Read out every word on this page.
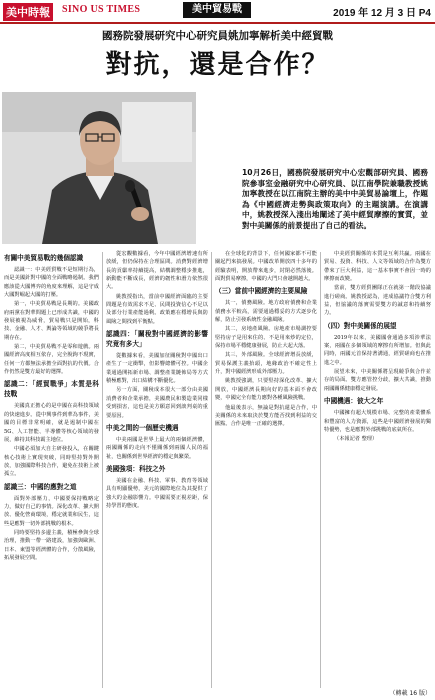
美中時報	SINO US TIMES	美中貿易戰	2019 年 12 月 3 日 P4
國務院發展研究中心研究員姚加寧解析美中經貿戰
對抗，還是合作？
10月26日，國務院發展研究中心宏觀部研究員、國務院參事室金融研究中心研究員、以江南學院兼職教授姚加寧教授在以江南院主辦的美中中美貿易論壇上，作題為《中國經濟走勢與政策取向》的主題演講。在演講中，姚教授深入淺出地闡述了美中經貿摩擦的實質，並對中美關係的前景提出了自己的看法。
有關中美貿易戰的幾個認識

認識一：中美經貿戰不是短期行為，而是美國針對中國的全面戰略遏制。我們應該從大國博弈的角度來理解，這是守成大國對崛起大國的打壓。

第一，中美貿易戰是長期的。美國政府兩黨在對華問題上已形成共識，中國的發展被視為威脅，貿易戰只是開始，科技、金融、人才、輿論等領域的競爭將長期存在。

第二，中美貿易戰不是零和遊戲。兩國經濟高度相互依存，完全脫鉤不現實，任何一方都無法承擔全面對抗的代價。合作仍然是雙方最好的選擇。

認識二：「經貿戰爭」本質是科技戰

美國真正擔心的是中國在高科技領域的快速進步。從中興事件到華為事件，美國的目標非常明確，就是遏制中國在5G、人工智能、半導體等核心領域的發展，維持其科技霸主地位。

中國必須加大自主研發投入，在關鍵核心技術上實現突破，同時堅持對外開放，加強國際科技合作，避免在技術上被孤立。

認識三：中國的應對之道

面對外部壓力，中國要保持戰略定力，做好自己的事情。深化改革、擴大開放、優化營商環境，穩定就業和民生，這些是應對一切外部挑戰的根本。

同時要堅持多邊主義，積極參與全球治理，推動一帶一路建設，加強與歐洲、日本、東盟等經濟體的合作，分散風險，拓展發展空間。

從宏觀數據看，今年中國經濟增速有所放緩，但仍保持在合理區間。消費對經濟增長的貢獻率持續提高，結構調整穩步推進，新動能不斷成長，經濟的韌性和潛力依然很大。

姚教授指出，當前中國經濟面臨的主要問題是有效需求不足、民間投資信心不足以及部分行業產能過剩。政策應在穩增長與防風險之間找到平衡點。

認識四：「關稅對中國經濟的影響究竟有多大」

從數據來看，美國加征關稅對中國出口產生了一定衝擊，但影響總體可控。中國企業通過開拓新市場、調整產業鏈佈局等方式積極應對，出口結構不斷優化。

另一方面，關稅成本很大一部分由美國消費者和企業承擔，美國農民和製造業同樣受到損害，這也是美方願意回到談判桌的重要原因。

中美之間的一個歷史機遇

中美兩國是世界上最大的兩個經濟體，兩國關係的走向不僅關係到兩國人民的福祉，也關係到世界經濟的穩定與繁榮。

美國強項：科技之外

美國在金融、科技、軍事、教育等領域具有明顯優勢，美元的國際地位為其提供了強大的金融影響力。中國需要正視差距，保持學習的態度。

在全球化的背景下，任何國家都不可能關起門來搞發展。中國改革開放四十多年的經驗表明，開放帶來進步，封閉必然落後。面對貿易摩擦，中國的大門只會越開越大。

（三）當前中國經濟的主要風險

其一，債務風險。地方政府債務和企業債務水平較高，需要通過穩妥的方式逐步化解，防止引發系統性金融風險。

其二，房地產風險。房地產市場調控要堅持房子是用來住的、不是用來炒的定位，保持市場平穩健康發展，防止大起大落。

其三，外部風險。全球經濟增長放緩，貿易保護主義抬頭，地緣政治不確定性上升，對中國經濟形成外部壓力。

姚教授強調，只要堅持深化改革、擴大開放，中國經濟長期向好的基本面不會改變，中國完全有能力應對各種風險挑戰。

他最後表示，無論是對抗還是合作，中美關係的未來取決於雙方能否找到利益的交匯點。合作是唯一正確的選擇。

中美經貿關係的本質是互利共贏。兩國在貿易、投資、科技、人文等領域的合作為雙方帶來了巨大利益，這一基本事實不會因一時的摩擦而改變。

當前，雙方經貿團隊正在就第一階段協議進行磋商。姚教授認為，達成協議符合雙方利益，但協議的落實需要雙方的誠意和持續努力。

（四）對中美關係的展望

2019年以來，美國國會通過多項涉華法案，兩國在多個領域的摩擦有所增加。但與此同時，兩國元首保持著溝通，經貿磋商也在推進之中。

展望未來，中美關係將呈現競爭與合作並存的局面。雙方應管控分歧，擴大共識，推動兩國關係健康穩定發展。

中國機遇：彼大之年

中國擁有超大規模市場、完整的產業體系和豐富的人力資源，這些是中國經濟發展的獨特優勢，也是應對外部挑戰的底氣所在。

（本報記者 整理）

（轉載 16 版）
